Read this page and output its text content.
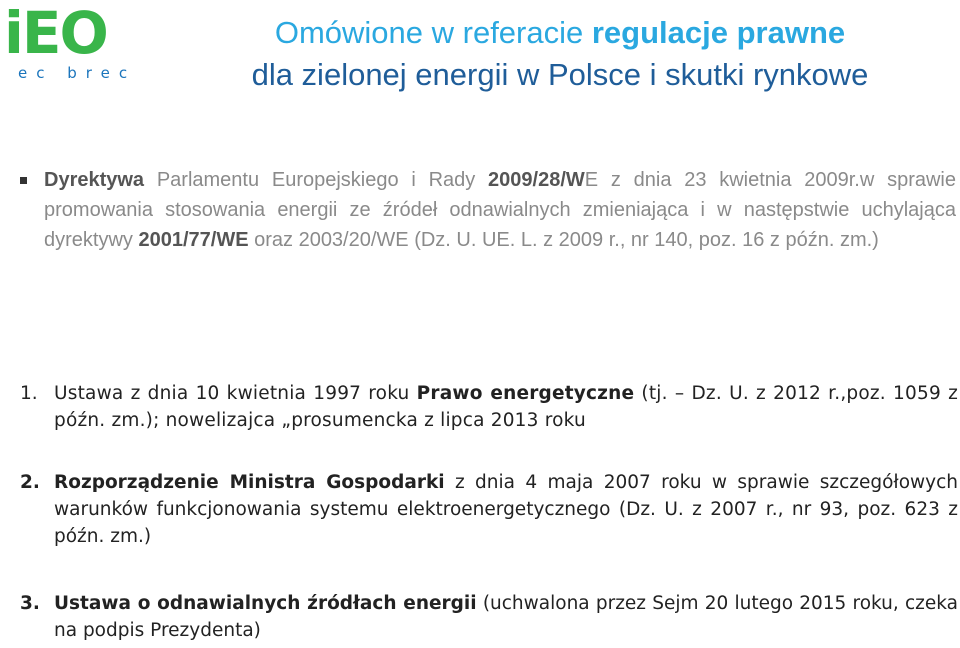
iEO
ec brec
Omówione w referacie regulacje prawne
dla zielonej energii w Polsce i skutki rynkowe
Dyrektywa Parlamentu Europejskiego i Rady 2009/28/WE z dnia 23 kwietnia 2009r.w sprawie promowania stosowania energii ze źródeł odnawialnych zmieniająca i w następstwie uchylająca dyrektywy 2001/77/WE oraz 2003/20/WE (Dz. U. UE. L. z 2009 r., nr 140, poz. 16 z późn. zm.)
1. Ustawa z dnia 10 kwietnia 1997 roku Prawo energetyczne (tj. – Dz. U. z 2012 r.,poz. 1059 z późn. zm.); nowelizajca „prosumencka z lipca 2013 roku
2. Rozporządzenie Ministra Gospodarki z dnia 4 maja 2007 roku w sprawie szczegółowych warunków funkcjonowania systemu elektroenergetycznego (Dz. U. z 2007 r., nr 93, poz. 623 z późn. zm.)
3. Ustawa o odnawialnych źródłach energii (uchwalona przez Sejm 20 lutego 2015 roku, czeka na podpis Prezydenta)
